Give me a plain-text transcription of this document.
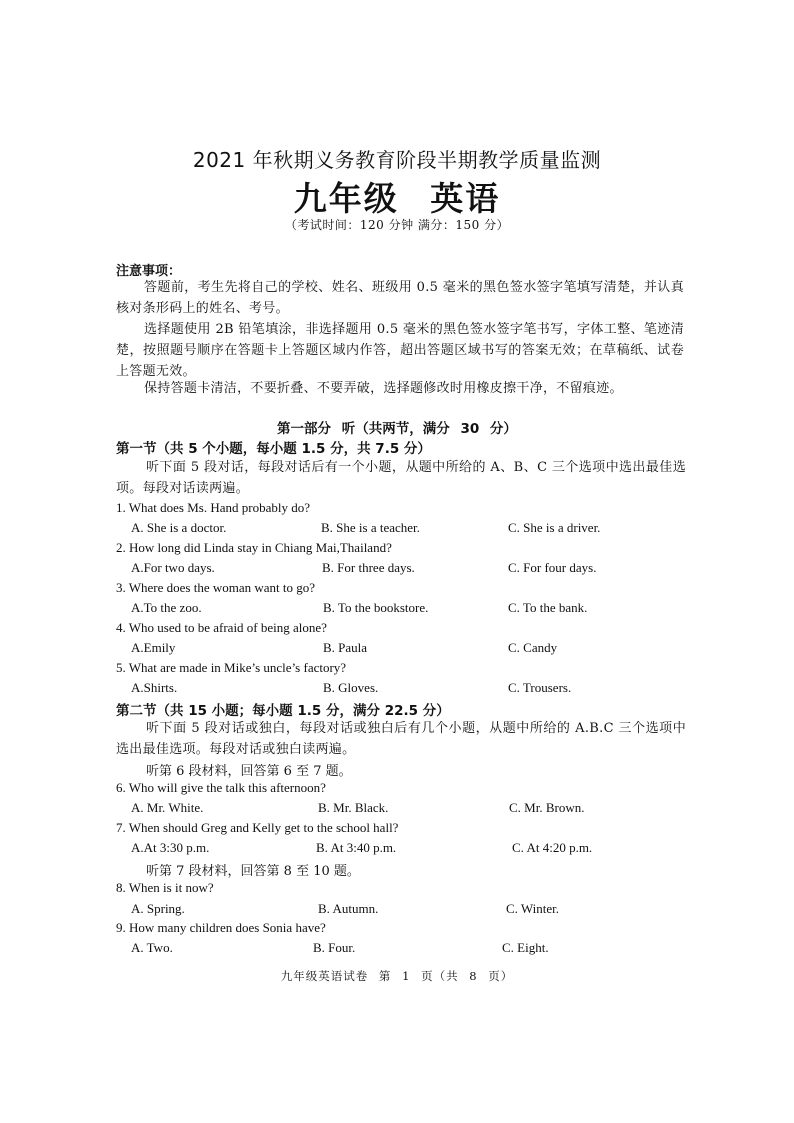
2021 年秋期义务教育阶段半期教学质量监测
九年级 英语
（考试时间：120 分钟 满分：150 分）
注意事项：
答题前，考生先将自己的学校、姓名、班级用 0.5 毫米的黑色签水签字笔填写清楚，并认真核对条形码上的姓名、考号。
选择题使用 2B 铅笔填涂，非选择题用 0.5 毫米的黑色签水签字笔书写，字体工整、笔迹清楚，按照题号顺序在答题卡上答题区域内作答，超出答题区域书写的答案无效；在草稿纸、试卷上答题无效。
保持答题卡清洁，不要折叠、不要弄破，选择题修改时用橡皮擦干净，不留痕迹。
第一部分 听（共两节，满分 30 分）
第一节（共 5 个小题，每小题 1.5 分，共 7.5 分）
听下面 5 段对话，每段对话后有一个小题，从题中所给的 A、B、C 三个选项中选出最佳选项。每段对话读两遍。
1. What does Ms. Hand probably do?
A. She is a doctor.	B. She is a teacher.	C. She is a driver.
2. How long did Linda stay in Chiang Mai,Thailand?
A.For two days.	B. For three days.	C. For four days.
3. Where does the woman want to go?
A.To the zoo.	B. To the bookstore.	C. To the bank.
4. Who used to be afraid of being alone?
A.Emily	B. Paula	C. Candy
5. What are made in Mike’s uncle’s factory?
A.Shirts.	B. Gloves.	C. Trousers.
第二节（共 15 小题；每小题 1.5 分，满分 22.5 分）
听下面 5 段对话或独白，每段对话或独白后有几个小题，从题中所给的 A.B.C 三个选项中选出最佳选项。每段对话或独白读两遍。
听第 6 段材料，回答第 6 至 7 题。
6. Who will give the talk this afternoon?
A. Mr. White.	B. Mr. Black.	C. Mr. Brown.
7. When should Greg and Kelly get to the school hall?
A.At 3:30 p.m.	B. At 3:40 p.m.	C. At 4:20 p.m.
听第 7 段材料，回答第 8 至 10 题。
8. When is it now?
A. Spring.	B. Autumn.	C. Winter.
9. How many children does Sonia have?
A. Two.	B. Four.	C. Eight.
九年级英语试卷 第 1 页（共 8 页）
